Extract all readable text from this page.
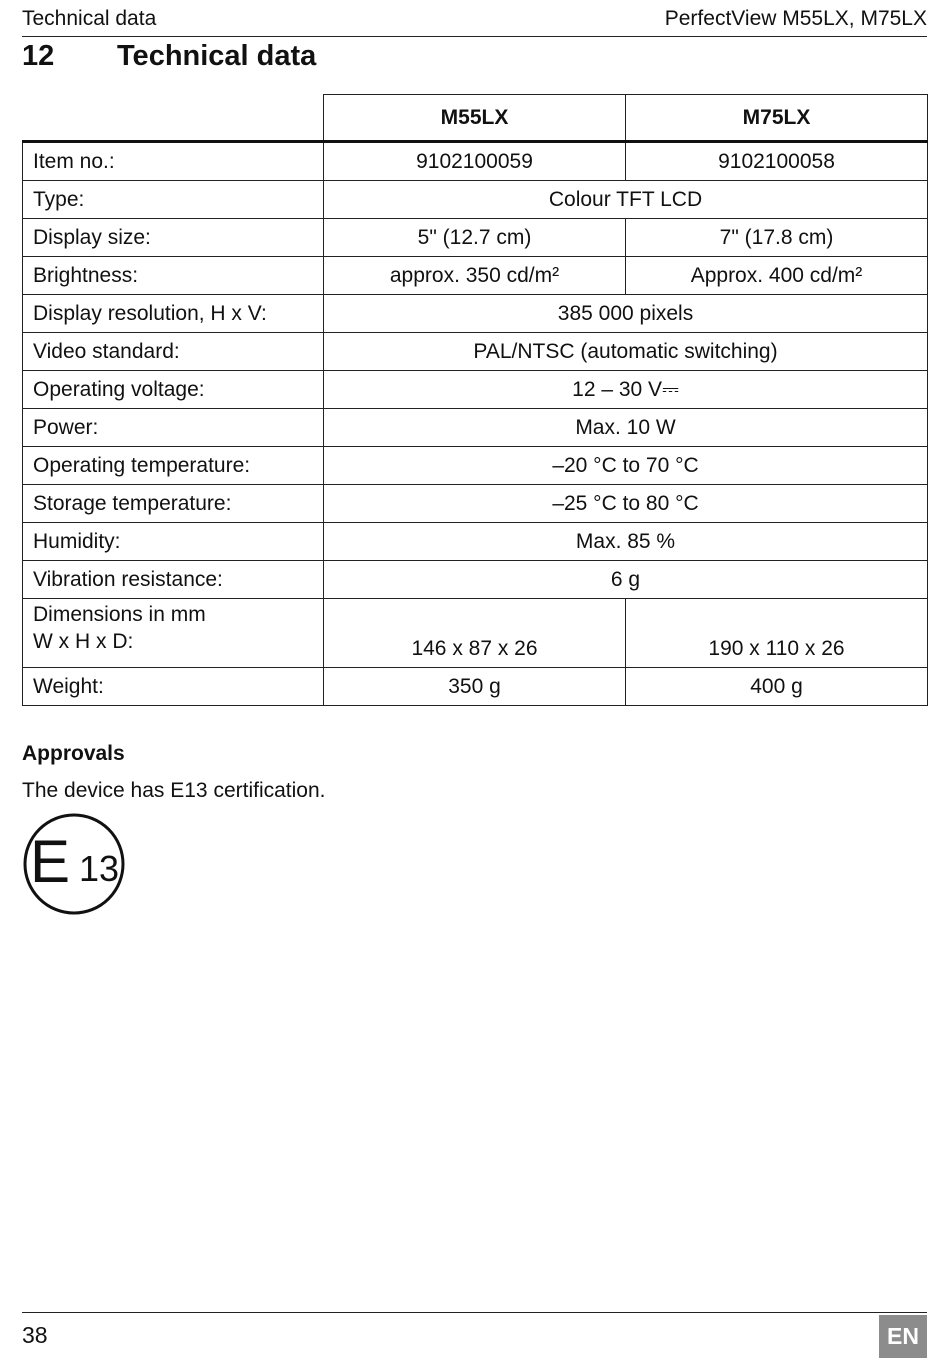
Technical data	PerfectView M55LX, M75LX
12 Technical data
	M55LX	M75LX
Item no.:	9102100059	9102100058
Type:	Colour TFT LCD	
Display size:	5" (12.7 cm)	7" (17.8 cm)
Brightness:	approx. 350 cd/m²	Approx. 400 cd/m²
Display resolution, H x V:	385 000 pixels	
Video standard:	PAL/NTSC (automatic switching)	
Operating voltage:	12 – 30 V⎓	
Power:	Max. 10 W	
Operating temperature:	–20 °C to 70 °C	
Storage temperature:	–25 °C to 80 °C	
Humidity:	Max. 85 %	
Vibration resistance:	6 g	

Dimensions in mm
W x H x D:	146 x 87 x 26	190 x 110 x 26
Weight:	350 g	400 g
Approvals
The device has E13 certification.
E 13
38	EN
